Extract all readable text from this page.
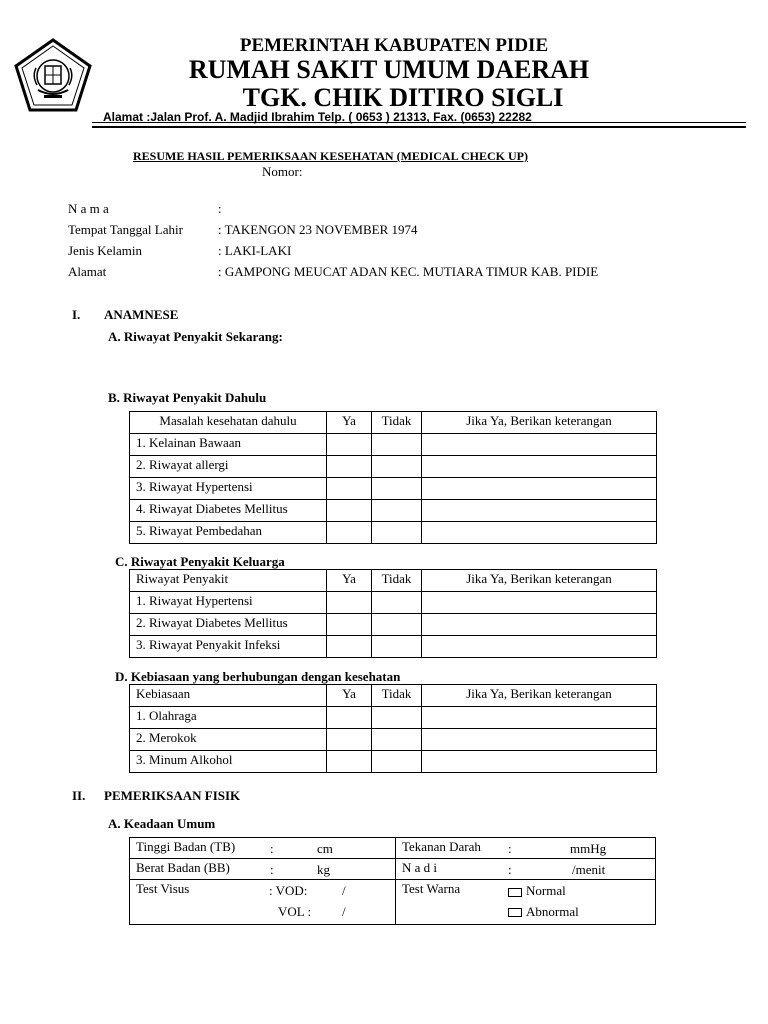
PEMERINTAH KABUPATEN PIDIE
RUMAH SAKIT UMUM DAERAH
TGK. CHIK DITIRO SIGLI
Alamat :Jalan Prof. A. Madjid Ibrahim Telp. ( 0653 ) 21313, Fax. (0653) 22282
RESUME HASIL PEMERIKSAAN KESEHATAN (MEDICAL CHECK UP)
Nomor:
N a m a	:
Tempat Tanggal Lahir	: TAKENGON 23 NOVEMBER 1974
Jenis Kelamin	: LAKI-LAKI
Alamat	: GAMPONG MEUCAT ADAN KEC. MUTIARA TIMUR KAB. PIDIE
I. ANAMNESE
A. Riwayat Penyakit Sekarang:
B. Riwayat Penyakit Dahulu
Masalah kesehatan dahulu	Ya	Tidak	Jika Ya, Berikan keterangan
1. Kelainan Bawaan			
2. Riwayat allergi			
3. Riwayat Hypertensi			
4. Riwayat Diabetes Mellitus			
5. Riwayat Pembedahan			
C. Riwayat Penyakit Keluarga
Riwayat Penyakit	Ya	Tidak	Jika Ya, Berikan keterangan
1. Riwayat Hypertensi			
2. Riwayat Diabetes Mellitus			
3. Riwayat Penyakit Infeksi			
D. Kebiasaan yang berhubungan dengan kesehatan
Kebiasaan	Ya	Tidak	Jika Ya, Berikan keterangan
1. Olahraga			
2. Merokok			
3. Minum Alkohol			
II. PEMERIKSAAN FISIK
A. Keadaan Umum
Tinggi Badan (TB) : cm	Tekanan Darah : mmHg

Berat Badan (BB) : kg	N a d i : /menit

Test Visus : VOD: /	Test Warna Normal

VOL : /	Abnormal
